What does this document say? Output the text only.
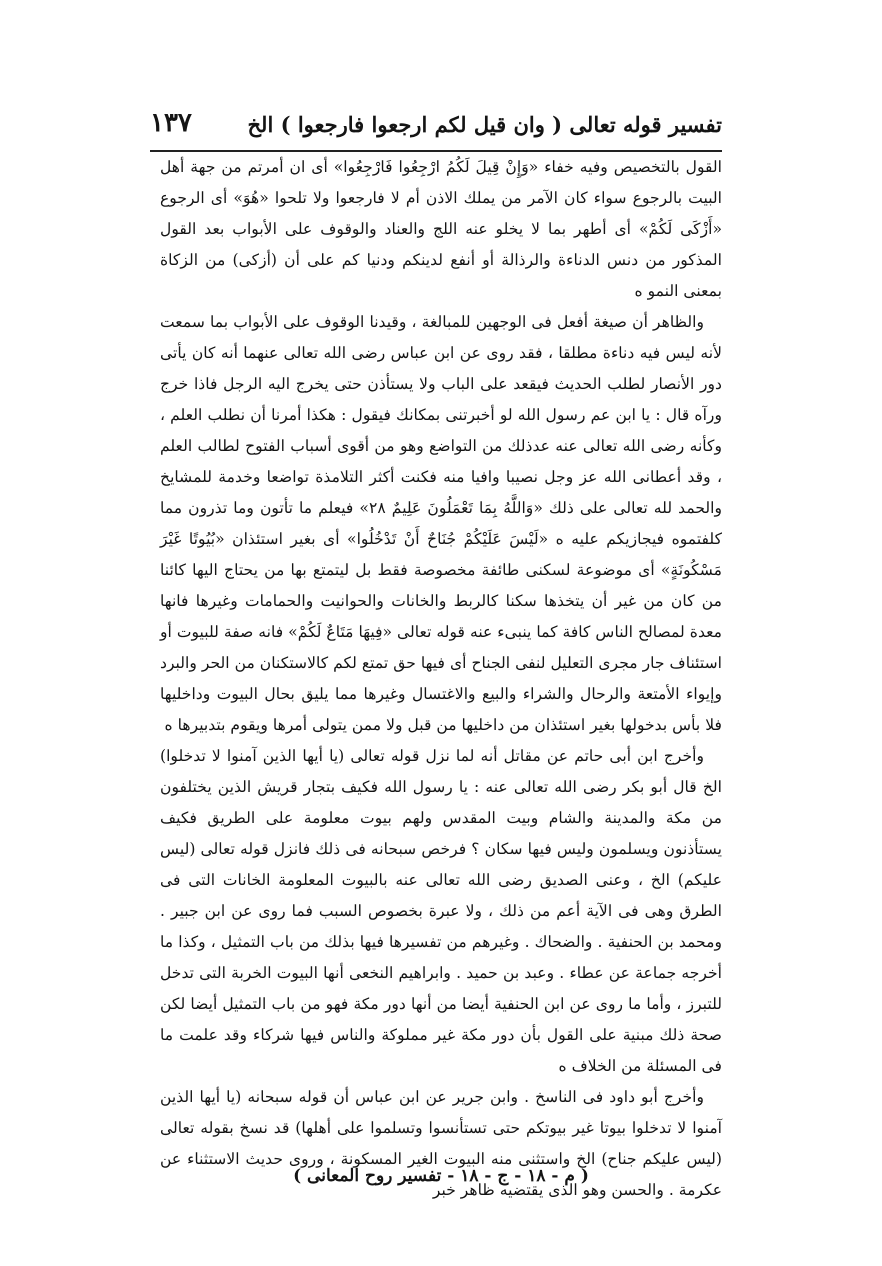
تفسير قوله تعالى ( وان قيل لكم ارجعوا فارجعوا ) الخ
١٣٧

القول بالتخصيص وفيه خفاء «وَإِنْ قِيلَ لَكُمُ ارْجِعُوا فَارْجِعُوا» أى ان أمرتم من جهة أهل البيت بالرجوع سواء كان الآمر من يملك الاذن أم لا فارجعوا ولا تلحوا «هُوَ» أى الرجوع «أَزْكَى لَكُمْ» أى أطهر بما لا يخلو عنه اللج والعناد والوقوف على الأبواب بعد القول المذكور من دنس الدناءة والرذالة أو أنفع لدينكم ودنيا كم على أن (أزكى) من الزكاة بمعنى النمو ه

والظاهر أن صيغة أفعل فى الوجهين للمبالغة ، وقيدنا الوقوف على الأبواب بما سمعت لأنه ليس فيه دناءة مطلقا ، فقد روى عن ابن عباس رضى الله تعالى عنهما أنه كان يأتى دور الأنصار لطلب الحديث فيقعد على الباب ولا يستأذن حتى يخرج اليه الرجل فاذا خرج ورآه قال : يا ابن عم رسول الله لو أخبرتنى بمكانك فيقول : هكذا أمرنا أن نطلب العلم ، وكأنه رضى الله تعالى عنه عدذلك من التواضع وهو من أقوى أسباب الفتوح لطالب العلم ، وقد أعطانى الله عز وجل نصيبا وافيا منه فكنت أكثر التلامذة تواضعا وخدمة للمشايخ والحمد لله تعالى على ذلك «وَاللَّهُ بِمَا تَعْمَلُونَ عَلِيمٌ ٢٨» فيعلم ما تأتون وما تذرون مما كلفتموه فيجازيكم عليه ه «لَيْسَ عَلَيْكُمْ جُنَاحٌ أَنْ تَدْخُلُوا» أى بغير استئذان «بُيُوتًا غَيْرَ مَسْكُونَةٍ» أى موضوعة لسكنى طائفة مخصوصة فقط بل ليتمتع بها من يحتاج اليها كائنا من كان من غير أن يتخذها سكنا كالربط والخانات والحوانيت والحمامات وغيرها فانها معدة لمصالح الناس كافة كما ينبىء عنه قوله تعالى «فِيهَا مَتَاعٌ لَكُمْ» فانه صفة للبيوت أو استئناف جار مجرى التعليل لنفى الجناح أى فيها حق تمتع لكم كالاستكنان من الحر والبرد وإيواء الأمتعة والرحال والشراء والبيع والاغتسال وغيرها مما يليق بحال البيوت وداخليها فلا بأس بدخولها بغير استئذان من داخليها من قبل ولا ممن يتولى أمرها ويقوم بتدبيرها ه

وأخرج ابن أبى حاتم عن مقاتل أنه لما نزل قوله تعالى (يا أيها الذين آمنوا لا تدخلوا) الخ قال أبو بكر رضى الله تعالى عنه : يا رسول الله فكيف بتجار قريش الذين يختلفون من مكة والمدينة والشام وبيت المقدس ولهم بيوت معلومة على الطريق فكيف يستأذنون ويسلمون وليس فيها سكان ؟ فرخص سبحانه فى ذلك فانزل قوله تعالى (ليس عليكم) الخ ، وعنى الصديق رضى الله تعالى عنه بالبيوت المعلومة الخانات التى فى الطرق وهى فى الآية أعم من ذلك ، ولا عبرة بخصوص السبب فما روى عن ابن جبير . ومحمد بن الحنفية . والضحاك . وغيرهم من تفسيرها فيها بذلك من باب التمثيل ، وكذا ما أخرجه جماعة عن عطاء . وعبد بن حميد . وابراهيم النخعى أنها البيوت الخربة التى تدخل للتبرز ، وأما ما روى عن ابن الحنفية أيضا من أنها دور مكة فهو من باب التمثيل أيضا لكن صحة ذلك مبنية على القول بأن دور مكة غير مملوكة والناس فيها شركاء وقد علمت ما فى المسئلة من الخلاف ه

وأخرج أبو داود فى الناسخ . وابن جرير عن ابن عباس أن قوله سبحانه (يا أيها الذين آمنوا لا تدخلوا بيوتا غير بيوتكم حتى تستأنسوا وتسلموا على أهلها) قد نسخ بقوله تعالى (ليس عليكم جناح) الخ واستثنى منه البيوت الغير المسكونة ، وروى حديث الاستثناء عن عكرمة . والحسن وهو الذى يقتضيه ظاهر خبر

( م - ١٨ - ج - ١٨ - تفسير روح المعانى )
